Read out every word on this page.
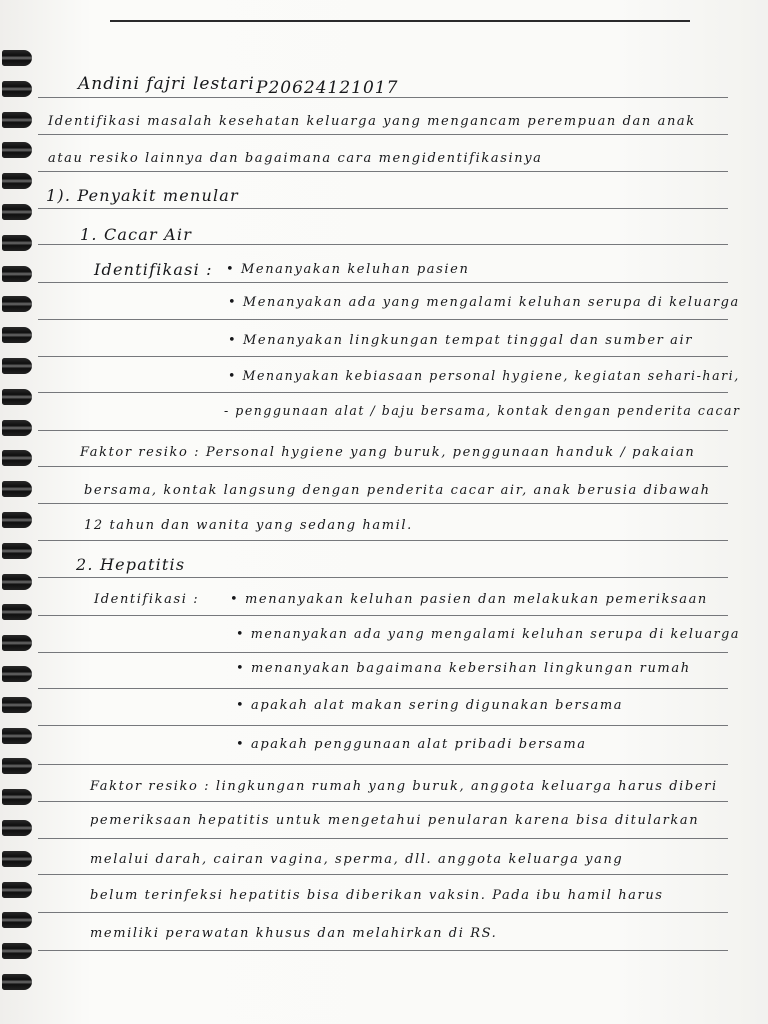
Andini fajri lestari P20624121017
Identifikasi masalah kesehatan keluarga yang mengancam perempuan dan anak
atau resiko lainnya dan bagaimana cara mengidentifikasinya
1). Penyakit menular
1. Cacar Air
Identifikasi : • Menanyakan keluhan pasien
• Menanyakan ada yang mengalami keluhan serupa di keluarga
• Menanyakan lingkungan tempat tinggal dan sumber air
• Menanyakan kebiasaan personal hygiene, kegiatan sehari-hari,
- penggunaan alat / baju bersama, kontak dengan penderita cacar
Faktor resiko : Personal hygiene yang buruk, penggunaan handuk / pakaian
bersama, kontak langsung dengan penderita cacar air, anak berusia dibawah
12 tahun dan wanita yang sedang hamil.
2. Hepatitis
Identifikasi : • menanyakan keluhan pasien dan melakukan pemeriksaan
• menanyakan ada yang mengalami keluhan serupa di keluarga
• menanyakan bagaimana kebersihan lingkungan rumah
• apakah alat makan sering digunakan bersama
• apakah penggunaan alat pribadi bersama
Faktor resiko : lingkungan rumah yang buruk, anggota keluarga harus diberi
pemeriksaan hepatitis untuk mengetahui penularan karena bisa ditularkan
melalui darah, cairan vagina, sperma, dll. anggota keluarga yang
belum terinfeksi hepatitis bisa diberikan vaksin. Pada ibu hamil harus
memiliki perawatan khusus dan melahirkan di RS.
